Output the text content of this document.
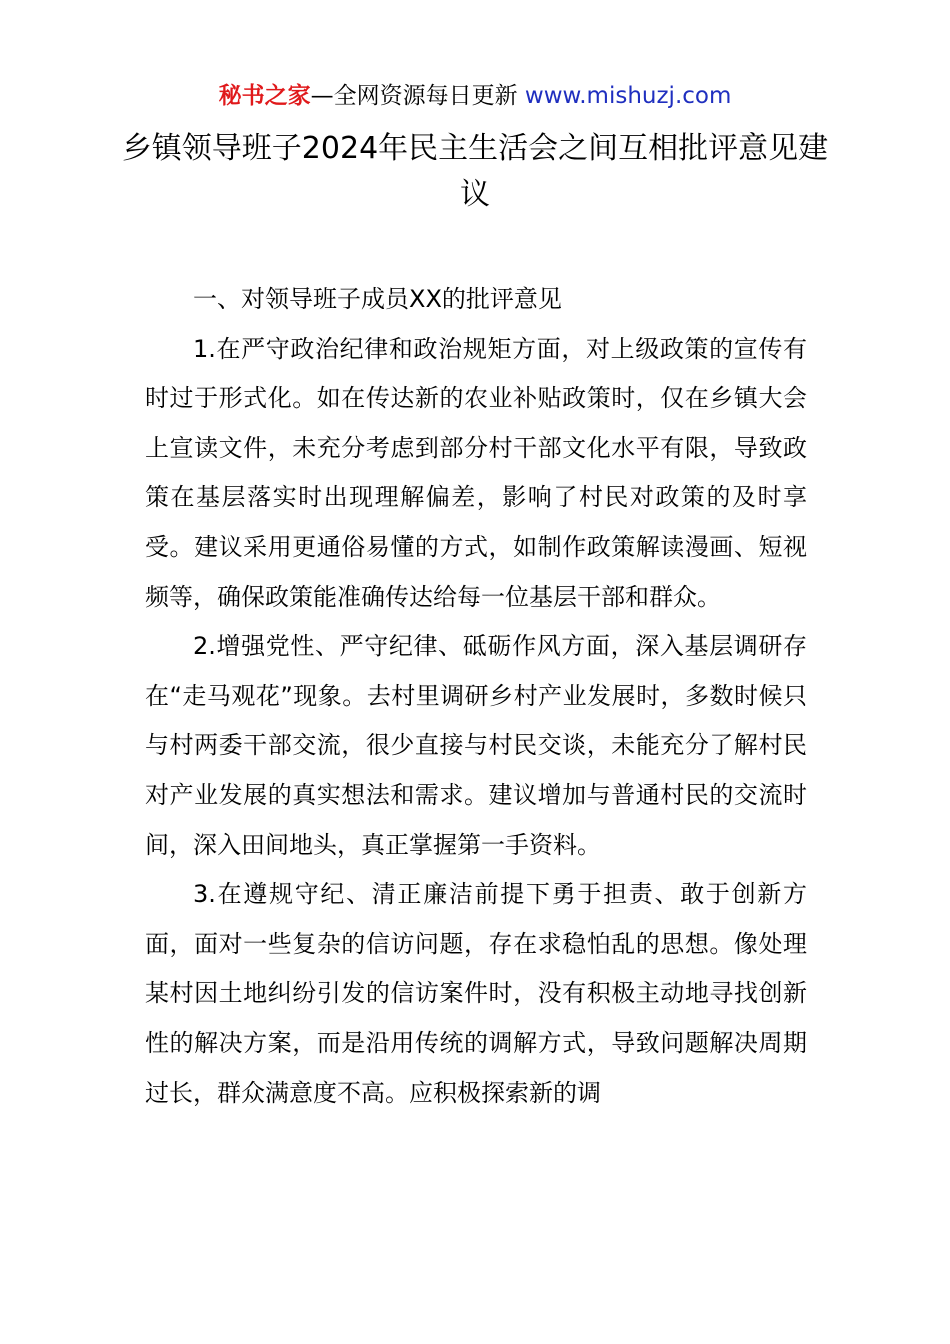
秘书之家—全网资源每日更新 www.mishuzj.com
乡镇领导班子2024年民主生活会之间互相批评意见建议

一、对领导班子成员XX的批评意见

1.在严守政治纪律和政治规矩方面，对上级政策的宣传有时过于形式化。如在传达新的农业补贴政策时，仅在乡镇大会上宣读文件，未充分考虑到部分村干部文化水平有限，导致政策在基层落实时出现理解偏差，影响了村民对政策的及时享受。建议采用更通俗易懂的方式，如制作政策解读漫画、短视频等，确保政策能准确传达给每一位基层干部和群众。

2.增强党性、严守纪律、砥砺作风方面，深入基层调研存在“走马观花”现象。去村里调研乡村产业发展时，多数时候只与村两委干部交流，很少直接与村民交谈，未能充分了解村民对产业发展的真实想法和需求。建议增加与普通村民的交流时间，深入田间地头，真正掌握第一手资料。

3.在遵规守纪、清正廉洁前提下勇于担责、敢于创新方面，面对一些复杂的信访问题，存在求稳怕乱的思想。像处理某村因土地纠纷引发的信访案件时，没有积极主动地寻找创新性的解决方案，而是沿用传统的调解方式，导致问题解决周期过长，群众满意度不高。应积极探索新的调
